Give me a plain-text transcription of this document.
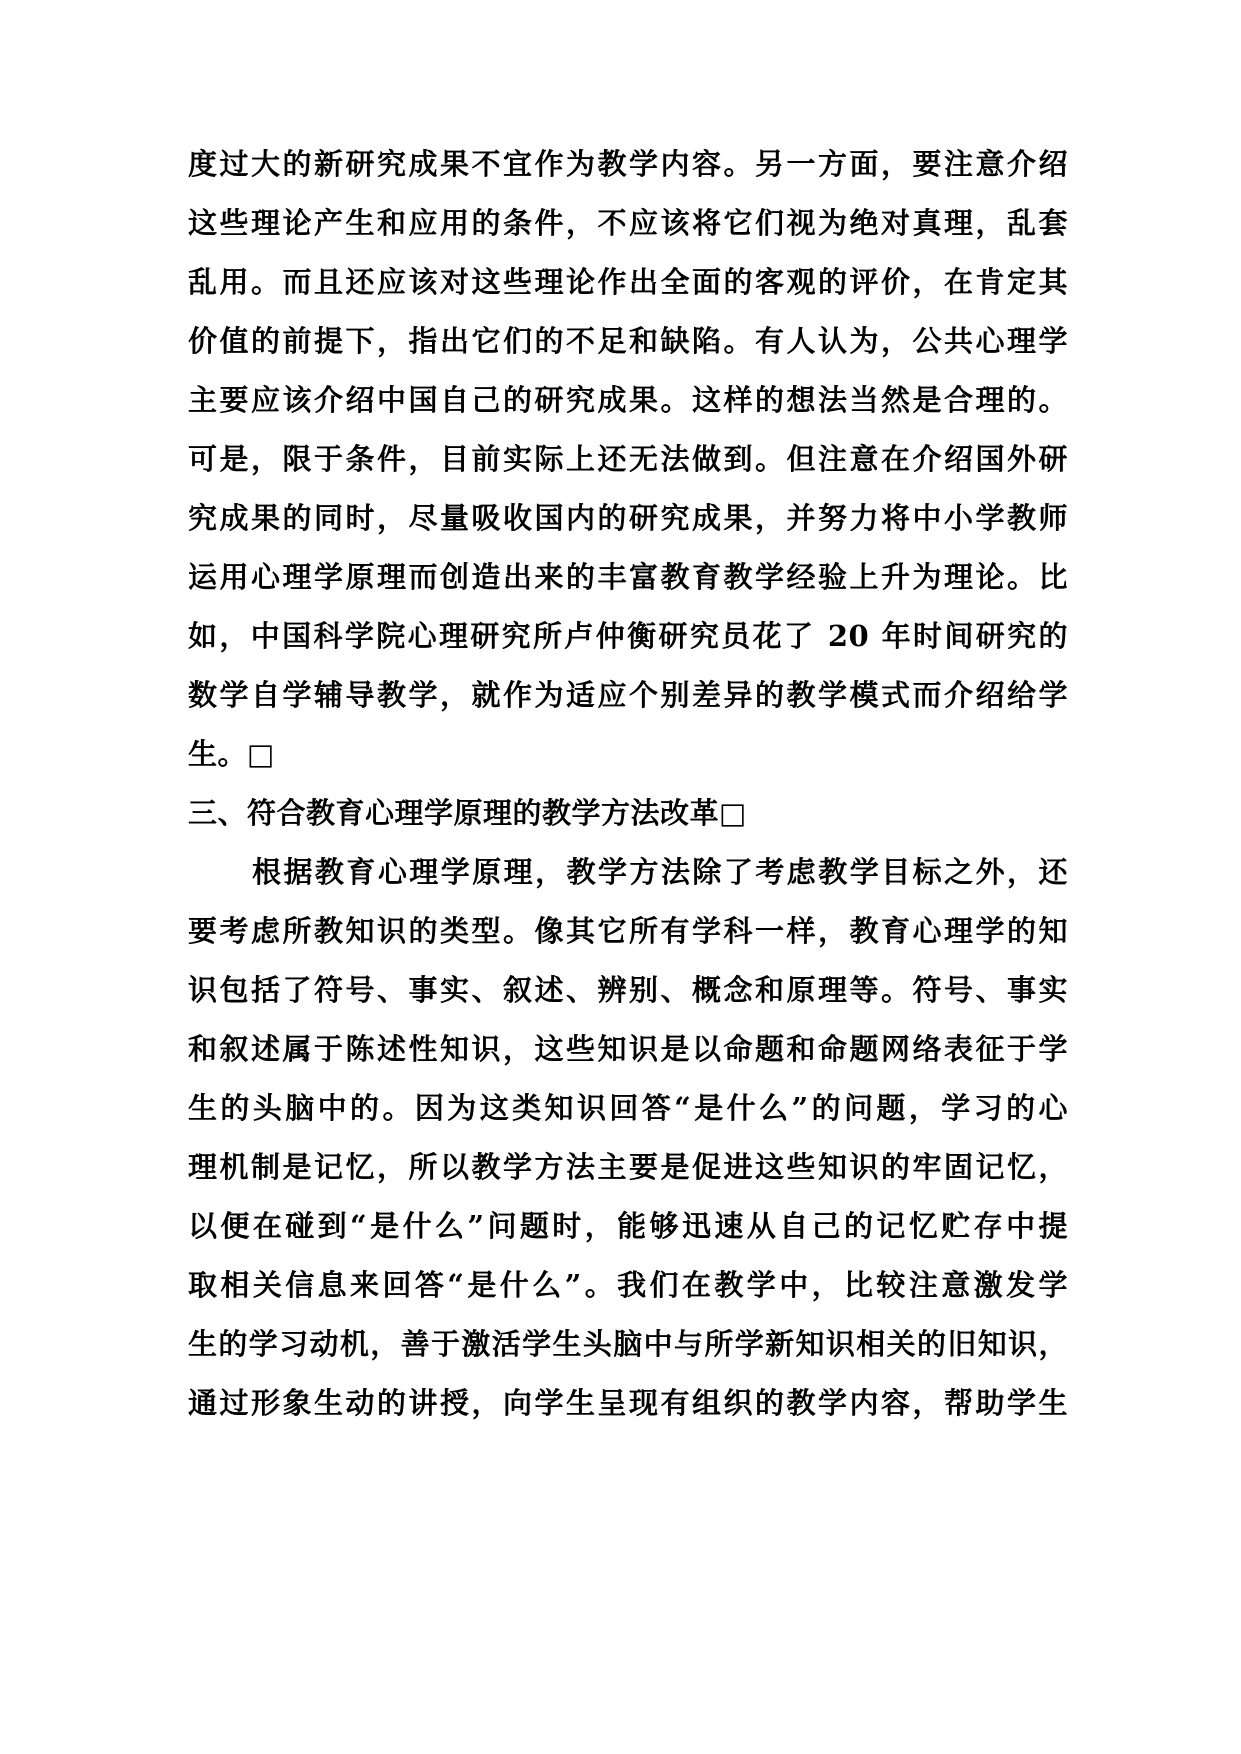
度过大的新研究成果不宜作为教学内容。另一方面，要注意介绍
这些理论产生和应用的条件，不应该将它们视为绝对真理，乱套
乱用。而且还应该对这些理论作出全面的客观的评价，在肯定其
价值的前提下，指出它们的不足和缺陷。有人认为，公共心理学
主要应该介绍中国自己的研究成果。这样的想法当然是合理的。
可是，限于条件，目前实际上还无法做到。但注意在介绍国外研
究成果的同时，尽量吸收国内的研究成果，并努力将中小学教师
运用心理学原理而创造出来的丰富教育教学经验上升为理论。比
如，中国科学院心理研究所卢仲衡研究员花了 20 年时间研究的
数学自学辅导教学，就作为适应个别差异的教学模式而介绍给学
生。□
三、符合教育心理学原理的教学方法改革□
根据教育心理学原理，教学方法除了考虑教学目标之外，还
要考虑所教知识的类型。像其它所有学科一样，教育心理学的知
识包括了符号、事实、叙述、辨别、概念和原理等。符号、事实
和叙述属于陈述性知识，这些知识是以命题和命题网络表征于学
生的头脑中的。因为这类知识回答“是什么”的问题，学习的心
理机制是记忆，所以教学方法主要是促进这些知识的牢固记忆，
以便在碰到“是什么”问题时，能够迅速从自己的记忆贮存中提
取相关信息来回答“是什么”。我们在教学中，比较注意激发学
生的学习动机，善于激活学生头脑中与所学新知识相关的旧知识，
通过形象生动的讲授，向学生呈现有组织的教学内容，帮助学生
